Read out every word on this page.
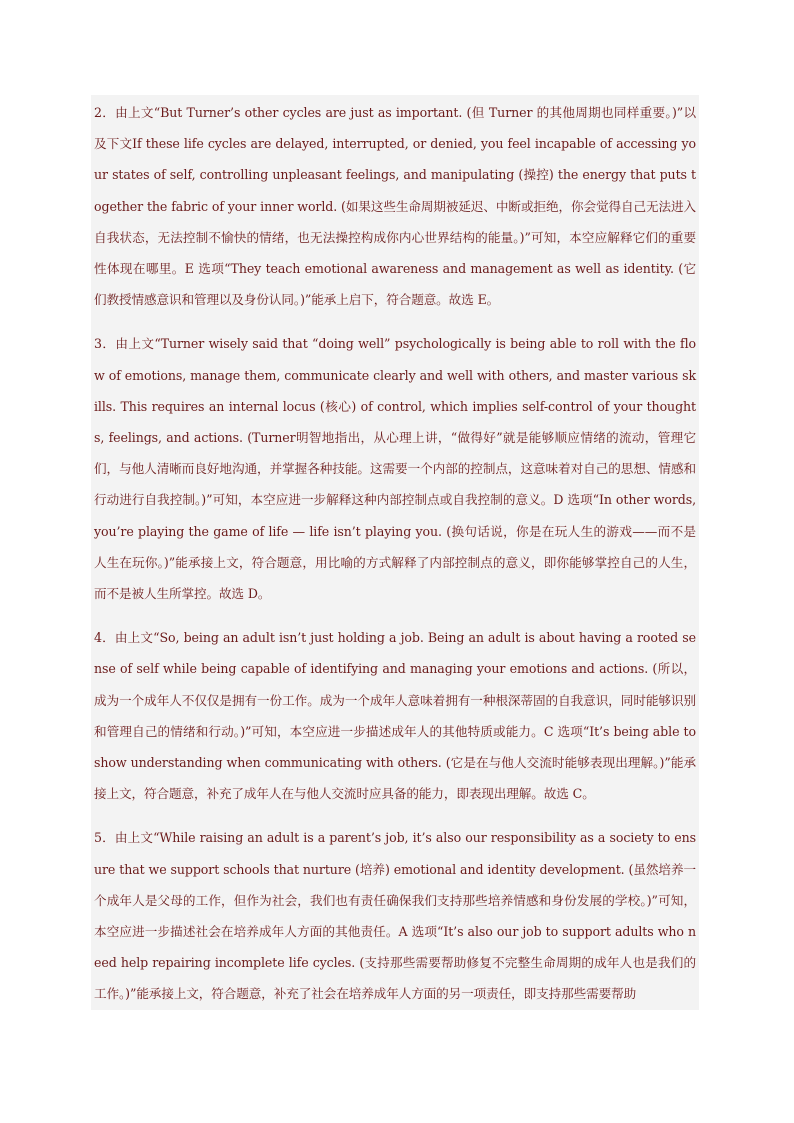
2．由上文“But Turner’s other cycles are just as important. (但 Turner 的其他周期也同样重要。)”以及下文If these life cycles are delayed, interrupted, or denied, you feel incapable of accessing your states of self, controlling unpleasant feelings, and manipulating (操控) the energy that puts together the fabric of your inner world. (如果这些生命周期被延迟、中断或拒绝，你会觉得自己无法进入自我状态，无法控制不愉快的情绪，也无法操控构成你内心世界结构的能量。)”可知，本空应解释它们的重要性体现在哪里。E 选项“They teach emotional awareness and management as well as identity. (它们教授情感意识和管理以及身份认同。)”能承上启下，符合题意。故选 E。

3．由上文“Turner wisely said that “doing well” psychologically is being able to roll with the flow of emotions, manage them, communicate clearly and well with others, and master various skills. This requires an internal locus (核心) of control, which implies self-control of your thoughts, feelings, and actions. (Turner明智地指出，从心理上讲，“做得好”就是能够顺应情绪的流动，管理它们，与他人清晰而良好地沟通，并掌握各种技能。这需要一个内部的控制点，这意味着对自己的思想、情感和行动进行自我控制。)”可知，本空应进一步解释这种内部控制点或自我控制的意义。D 选项“In other words, you’re playing the game of life — life isn’t playing you. (换句话说，你是在玩人生的游戏——而不是人生在玩你。)”能承接上文，符合题意，用比喻的方式解释了内部控制点的意义，即你能够掌控自己的人生，而不是被人生所掌控。故选 D。

4．由上文“So, being an adult isn’t just holding a job. Being an adult is about having a rooted sense of self while being capable of identifying and managing your emotions and actions. (所以，成为一个成年人不仅仅是拥有一份工作。成为一个成年人意味着拥有一种根深蒂固的自我意识，同时能够识别和管理自己的情绪和行动。)”可知，本空应进一步描述成年人的其他特质或能力。C 选项“It’s being able to show understanding when communicating with others. (它是在与他人交流时能够表现出理解。)”能承接上文，符合题意，补充了成年人在与他人交流时应具备的能力，即表现出理解。故选 C。

5．由上文“While raising an adult is a parent’s job, it’s also our responsibility as a society to ensure that we support schools that nurture (培养) emotional and identity development. (虽然培养一个成年人是父母的工作，但作为社会，我们也有责任确保我们支持那些培养情感和身份发展的学校。)”可知，本空应进一步描述社会在培养成年人方面的其他责任。A 选项“It’s also our job to support adults who need help repairing incomplete life cycles. (支持那些需要帮助修复不完整生命周期的成年人也是我们的工作。)”能承接上文，符合题意，补充了社会在培养成年人方面的另一项责任，即支持那些需要帮助
